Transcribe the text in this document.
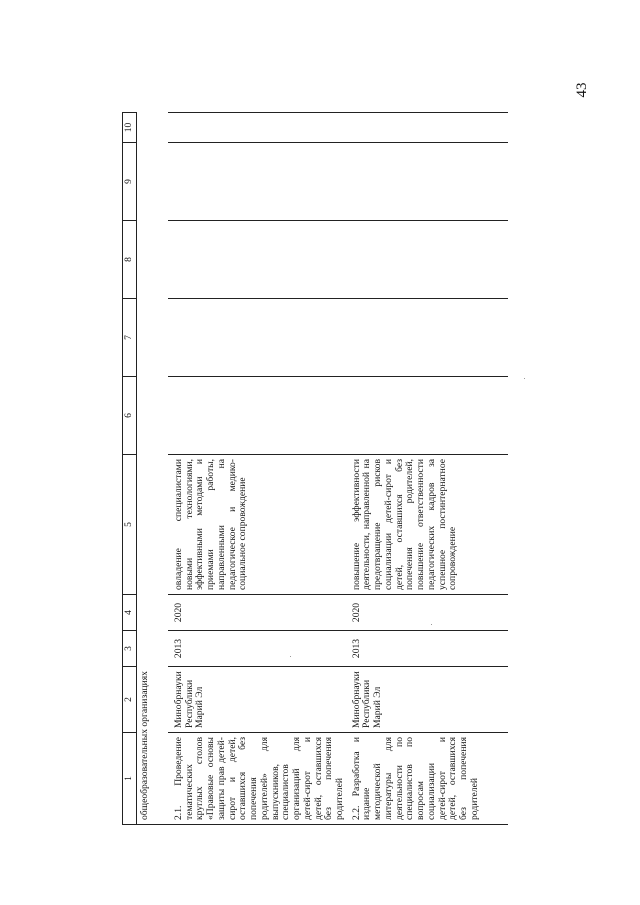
43
1	2	3	4	5	6	7	8	9	10
общеобразовательных организациях									
2.1. Проведение тематических круглых столов «Правовые основы защиты прав детей-сирот и детей, оставшихся без попечения родителей» для выпускников, специалистов организаций для детей-сирот и детей, оставшихся без попечения родителей	Минобрнауки Республики Марий Эл	2013	2020	овладение специалистами новыми технологиями, эффективными методами и приемами работы, направленными на педагогическое и медико-социальное сопровождение					
2.2. Разработка и издание методической литературы для деятельности по специалистов по вопросам социализации детей-сирот и детей, оставшихся без попечения родителей	Минобрнауки Республики Марий Эл	2013	2020	повышение эффективности деятельности, направленной на предотвращение рисков социализации детей-сирот и детей, оставшихся без попечения родителей, повышение ответственности педагогических кадров за успешное постинтернатное сопровождение					
